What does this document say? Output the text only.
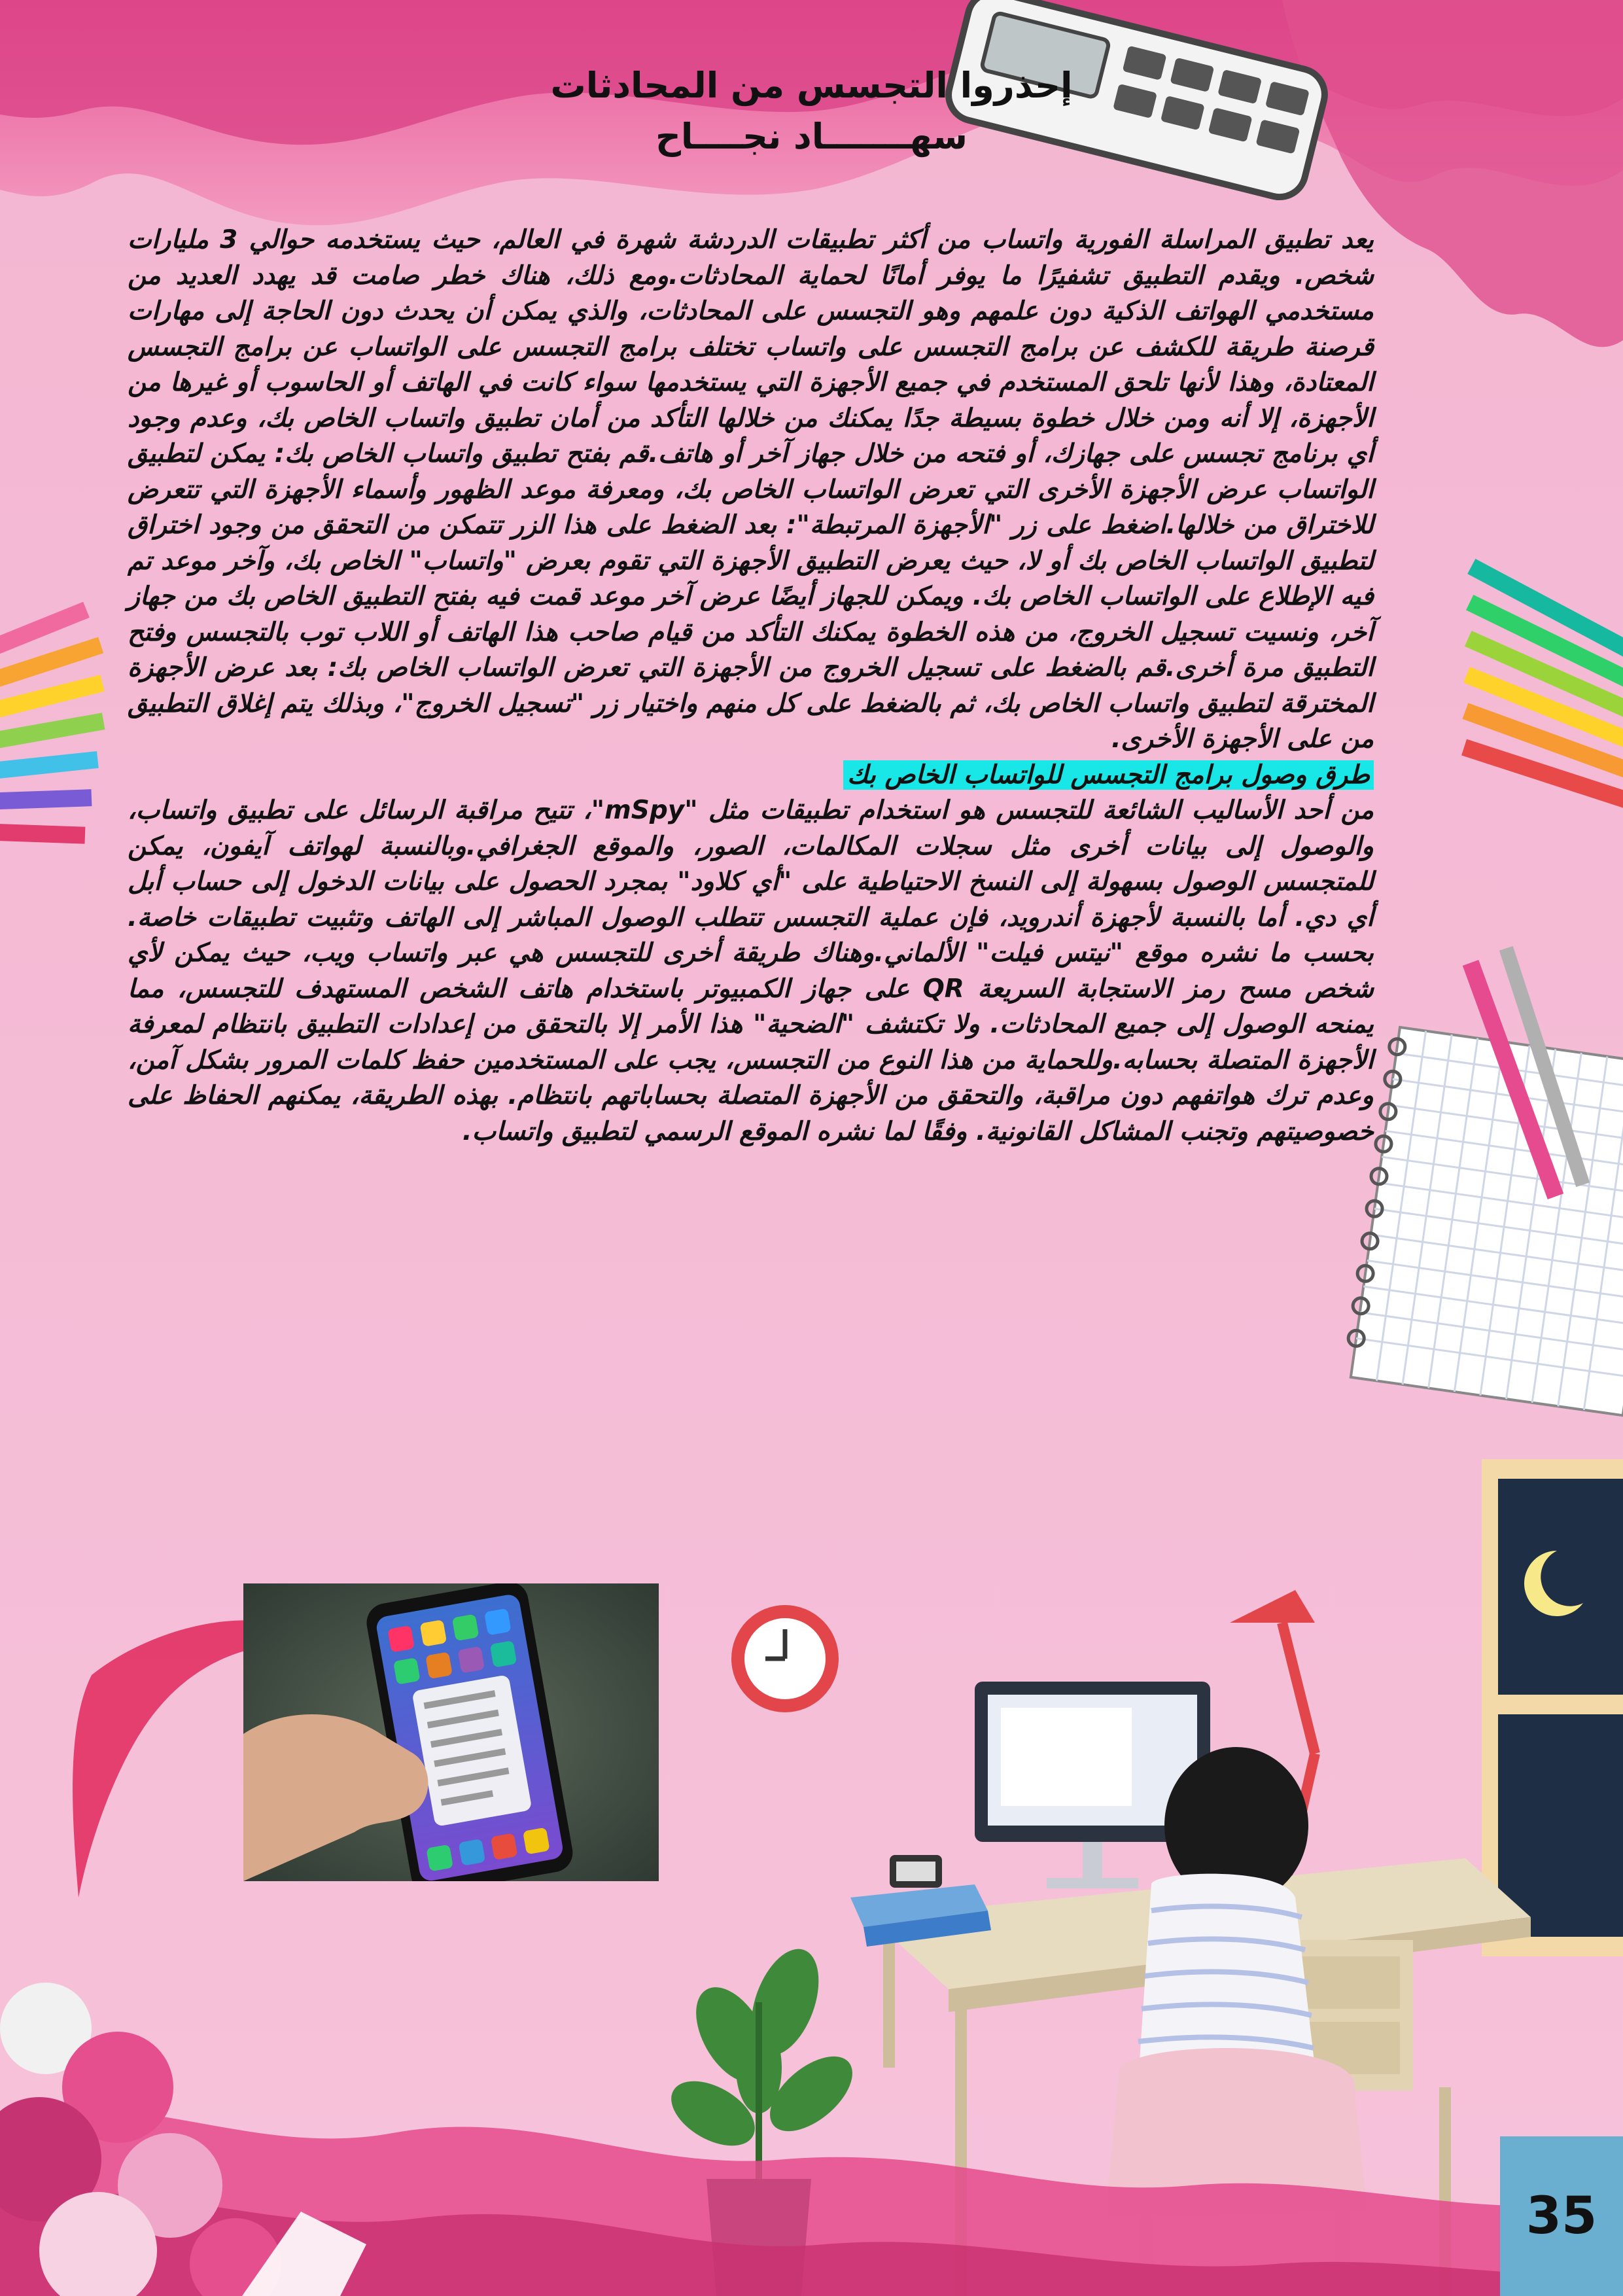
إحذروا التجسس من المحادثات
سهـــــــاد نجــــاح

يعد تطبيق المراسلة الفورية واتساب من أكثر تطبيقات الدردشة شهرة في العالم، حيث يستخدمه حوالي 3 مليارات شخص. ويقدم التطبيق تشفيرًا ما يوفر أمانًا لحماية المحادثات.ومع ذلك، هناك خطر صامت قد يهدد العديد من مستخدمي الهواتف الذكية دون علمهم وهو التجسس على المحادثات، والذي يمكن أن يحدث دون الحاجة إلى مهارات قرصنة طريقة للكشف عن برامج التجسس على واتساب تختلف برامج التجسس على الواتساب عن برامج التجسس المعتادة، وهذا لأنها تلحق المستخدم في جميع الأجهزة التي يستخدمها سواء كانت في الهاتف أو الحاسوب أو غيرها من الأجهزة، إلا أنه ومن خلال خطوة بسيطة جدًا يمكنك من خلالها التأكد من أمان تطبيق واتساب الخاص بك، وعدم وجود أي برنامج تجسس على جهازك، أو فتحه من خلال جهاز آخر أو هاتف.قم بفتح تطبيق واتساب الخاص بك: يمكن لتطبيق الواتساب عرض الأجهزة الأخرى التي تعرض الواتساب الخاص بك، ومعرفة موعد الظهور وأسماء الأجهزة التي تتعرض للاختراق من خلالها.اضغط على زر "الأجهزة المرتبطة": بعد الضغط على هذا الزر تتمكن من التحقق من وجود اختراق لتطبيق الواتساب الخاص بك أو لا، حيث يعرض التطبيق الأجهزة التي تقوم بعرض "واتساب" الخاص بك، وآخر موعد تم فيه الإطلاع على الواتساب الخاص بك. ويمكن للجهاز أيضًا عرض آخر موعد قمت فيه بفتح التطبيق الخاص بك من جهاز آخر، ونسيت تسجيل الخروج، من هذه الخطوة يمكنك التأكد من قيام صاحب هذا الهاتف أو اللاب توب بالتجسس وفتح التطبيق مرة أخرى.قم بالضغط على تسجيل الخروج من الأجهزة التي تعرض الواتساب الخاص بك: بعد عرض الأجهزة المخترقة لتطبيق واتساب الخاص بك، ثم بالضغط على كل منهم واختيار زر "تسجيل الخروج"، وبذلك يتم إغلاق التطبيق من على الأجهزة الأخرى.

طرق وصول برامج التجسس للواتساب الخاص بك

من أحد الأساليب الشائعة للتجسس هو استخدام تطبيقات مثل "mSpy"، تتيح مراقبة الرسائل على تطبيق واتساب، والوصول إلى بيانات أخرى مثل سجلات المكالمات، الصور، والموقع الجغرافي.وبالنسبة لهواتف آيفون، يمكن للمتجسس الوصول بسهولة إلى النسخ الاحتياطية على "أي كلاود" بمجرد الحصول على بيانات الدخول إلى حساب أبل أي دي. أما بالنسبة لأجهزة أندرويد، فإن عملية التجسس تتطلب الوصول المباشر إلى الهاتف وتثبيت تطبيقات خاصة. بحسب ما نشره موقع "نيتس فيلت" الألماني.وهناك طريقة أخرى للتجسس هي عبر واتساب ويب، حيث يمكن لأي شخص مسح رمز الاستجابة السريعة QR على جهاز الكمبيوتر باستخدام هاتف الشخص المستهدف للتجسس، مما يمنحه الوصول إلى جميع المحادثات. ولا تكتشف "الضحية" هذا الأمر إلا بالتحقق من إعدادات التطبيق بانتظام لمعرفة الأجهزة المتصلة بحسابه.وللحماية من هذا النوع من التجسس، يجب على المستخدمين حفظ كلمات المرور بشكل آمن، وعدم ترك هواتفهم دون مراقبة، والتحقق من الأجهزة المتصلة بحساباتهم بانتظام. بهذه الطريقة، يمكنهم الحفاظ على خصوصيتهم وتجنب المشاكل القانونية. وفقًا لما نشره الموقع الرسمي لتطبيق واتساب.

35
